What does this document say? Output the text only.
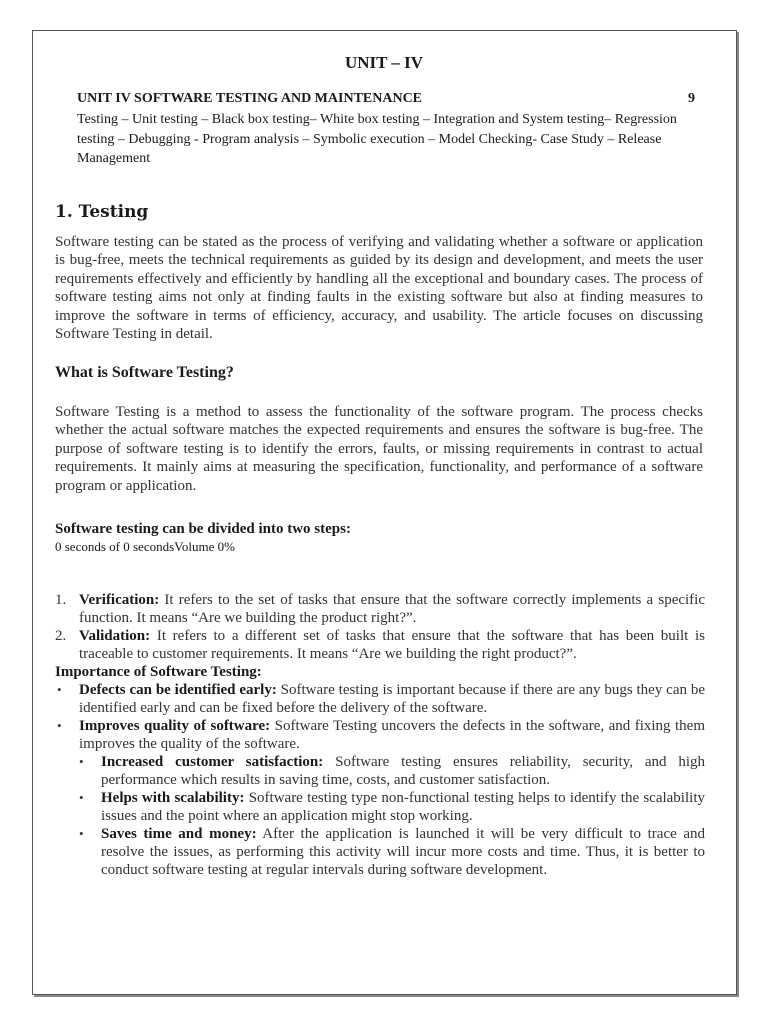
UNIT – IV
UNIT IV SOFTWARE TESTING AND MAINTENANCE	9
Testing – Unit testing – Black box testing– White box testing – Integration and System testing– Regression testing – Debugging - Program analysis – Symbolic execution – Model Checking- Case Study – Release Management
1. Testing
Software testing can be stated as the process of verifying and validating whether a software or application is bug-free, meets the technical requirements as guided by its design and development, and meets the user requirements effectively and efficiently by handling all the exceptional and boundary cases. The process of software testing aims not only at finding faults in the existing software but also at finding measures to improve the software in terms of efficiency, accuracy, and usability. The article focuses on discussing Software Testing in detail.
What is Software Testing?
Software Testing is a method to assess the functionality of the software program. The process checks whether the actual software matches the expected requirements and ensures the software is bug-free. The purpose of software testing is to identify the errors, faults, or missing requirements in contrast to actual requirements. It mainly aims at measuring the specification, functionality, and performance of a software program or application.
Software testing can be divided into two steps:
0 seconds of 0 secondsVolume 0%
1. Verification: It refers to the set of tasks that ensure that the software correctly implements a specific function. It means “Are we building the product right?”.
2. Validation: It refers to a different set of tasks that ensure that the software that has been built is traceable to customer requirements. It means “Are we building the right product?”.
Importance of Software Testing:
• Defects can be identified early: Software testing is important because if there are any bugs they can be identified early and can be fixed before the delivery of the software.
• Improves quality of software: Software Testing uncovers the defects in the software, and fixing them improves the quality of the software.
• Increased customer satisfaction: Software testing ensures reliability, security, and high performance which results in saving time, costs, and customer satisfaction.
• Helps with scalability: Software testing type non-functional testing helps to identify the scalability issues and the point where an application might stop working.
• Saves time and money: After the application is launched it will be very difficult to trace and resolve the issues, as performing this activity will incur more costs and time. Thus, it is better to conduct software testing at regular intervals during software development.
